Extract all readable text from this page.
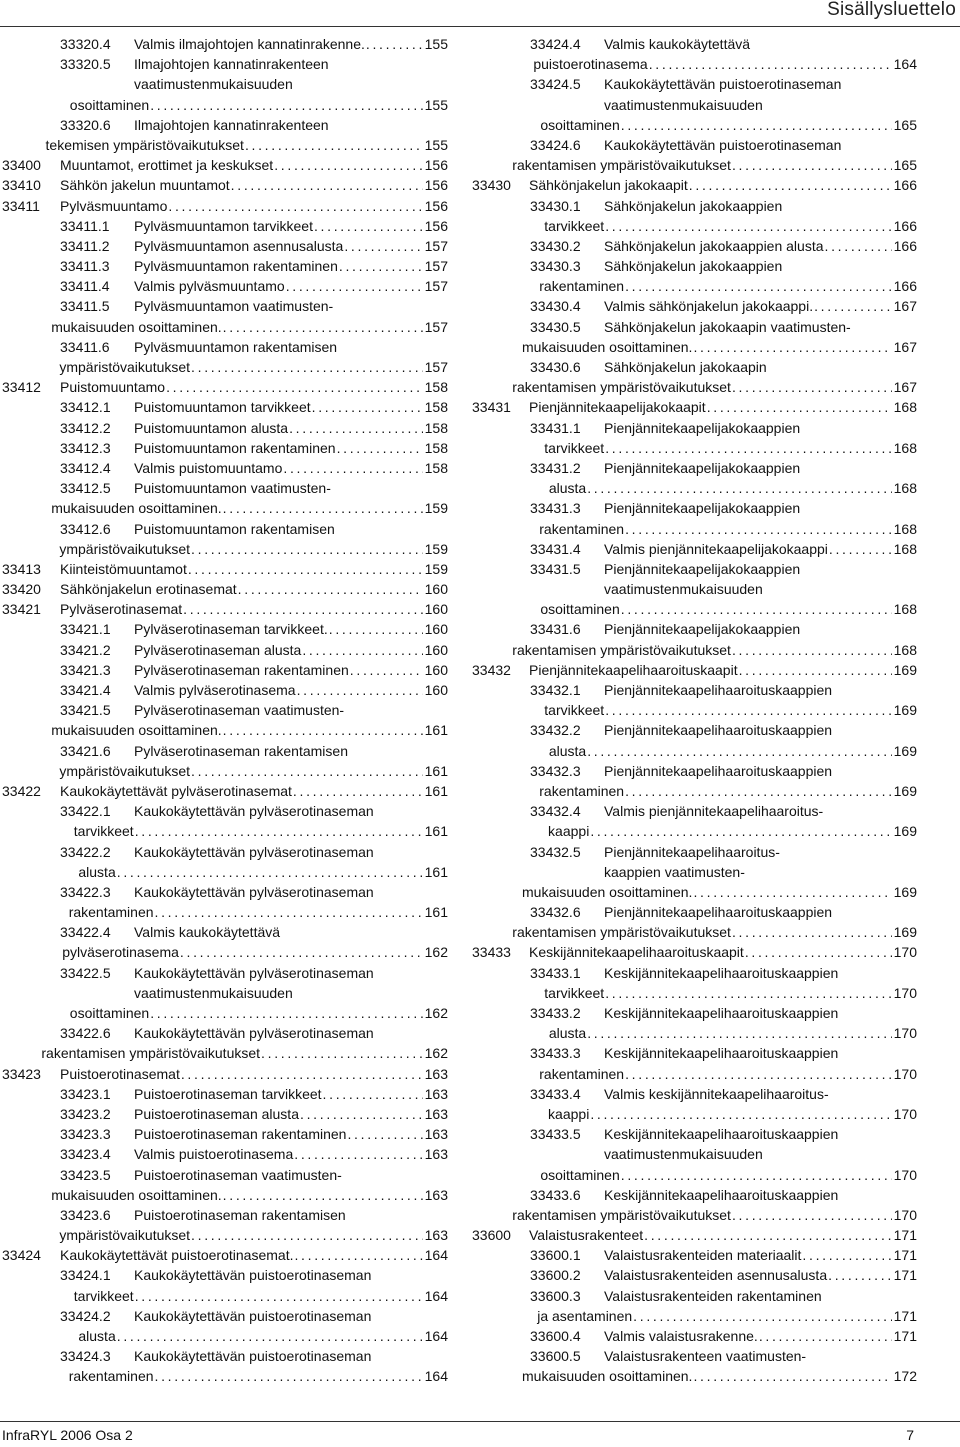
Sisällysluettelo
33320.4	Valmis ilmajohtojen kannatinrakenne. . . .	155
33320.5	Ilmajohtojen kannatinrakenteen
vaatimustenmukaisuuden
osoittaminen . . .	155
33320.6	Ilmajohtojen kannatinrakenteen
tekemisen ympäristövaikutukset . . .	155
33400	Muuntamot, erottimet ja keskukset . . .	156
33410	Sähkön jakelun muuntamot . . .	156
33411	Pylväsmuuntamo . . .	156
33411.1	Pylväsmuuntamon tarvikkeet . . .	156
33411.2	Pylväsmuuntamon asennusalusta . . .	157
33411.3	Pylväsmuuntamon rakentaminen . . .	157
33411.4	Valmis pylväsmuuntamo . . .	157
33411.5	Pylväsmuuntamon vaatimusten-
mukaisuuden osoittaminen. . . .	157
33411.6	Pylväsmuuntamon rakentamisen
ympäristövaikutukset . . .	157
33412	Puistomuuntamo . . .	158
33412.1	Puistomuuntamon tarvikkeet . . .	158
33412.2	Puistomuuntamon alusta . . .	158
33412.3	Puistomuuntamon rakentaminen . . .	158
33412.4	Valmis puistomuuntamo . . .	158
33412.5	Puistomuuntamon vaatimusten-
mukaisuuden osoittaminen. . . .	159
33412.6	Puistomuuntamon rakentamisen
ympäristövaikutukset . . .	159
33413	Kiinteistömuuntamot . . .	159
33420	Sähkönjakelun erotinasemat . . .	160
33421	Pylväserotinasemat . . .	160
33421.1	Pylväserotinaseman tarvikkeet. . . .	160
33421.2	Pylväserotinaseman alusta . . .	160
33421.3	Pylväserotinaseman rakentaminen . . .	160
33421.4	Valmis pylväserotinasema . . .	160
33421.5	Pylväserotinaseman vaatimusten-
mukaisuuden osoittaminen. . . .	161
33421.6	Pylväserotinaseman rakentamisen
ympäristövaikutukset . . .	161
33422	Kaukokäytettävät pylväserotinasemat . . .	161
33422.1	Kaukokäytettävän pylväserotinaseman
tarvikkeet . . .	161
33422.2	Kaukokäytettävän pylväserotinaseman
alusta . . .	161
33422.3	Kaukokäytettävän pylväserotinaseman
rakentaminen . . .	161
33422.4	Valmis kaukokäytettävä
pylväserotinasema . . .	162
33422.5	Kaukokäytettävän pylväserotinaseman
vaatimustenmukaisuuden
osoittaminen . . .	162
33422.6	Kaukokäytettävän pylväserotinaseman
rakentamisen ympäristövaikutukset . . .	162
33423	Puistoerotinasemat . . .	163
33423.1	Puistoerotinaseman tarvikkeet . . .	163
33423.2	Puistoerotinaseman alusta . . .	163
33423.3	Puistoerotinaseman rakentaminen . . .	163
33423.4	Valmis puistoerotinasema . . .	163
33423.5	Puistoerotinaseman vaatimusten-
mukaisuuden osoittaminen. . . .	163
33423.6	Puistoerotinaseman rakentamisen
ympäristövaikutukset . . .	163
33424	Kaukokäytettävät puistoerotinasemat. . . .	164
33424.1	Kaukokäytettävän puistoerotinaseman
tarvikkeet . . .	164
33424.2	Kaukokäytettävän puistoerotinaseman
alusta . . .	164
33424.3	Kaukokäytettävän puistoerotinaseman
rakentaminen . . .	164
33424.4	Valmis kaukokäytettävä
puistoerotinasema . . .	164
33424.5	Kaukokäytettävän puistoerotinaseman
vaatimustenmukaisuuden
osoittaminen . . .	165
33424.6	Kaukokäytettävän puistoerotinaseman
rakentamisen ympäristövaikutukset . . .	165
33430	Sähkönjakelun jakokaapit . . .	166
33430.1	Sähkönjakelun jakokaappien
tarvikkeet . . .	166
33430.2	Sähkönjakelun jakokaappien alusta . . .	166
33430.3	Sähkönjakelun jakokaappien
rakentaminen . . .	166
33430.4	Valmis sähkönjakelun jakokaappi. . . .	167
33430.5	Sähkönjakelun jakokaapin vaatimusten-
mukaisuuden osoittaminen. . . .	167
33430.6	Sähkönjakelun jakokaapin
rakentamisen ympäristövaikutukset . . .	167
33431	Pienjännitekaapelijakokaapit . . .	168
33431.1	Pienjännitekaapelijakokaappien
tarvikkeet . . .	168
33431.2	Pienjännitekaapelijakokaappien
alusta . . .	168
33431.3	Pienjännitekaapelijakokaappien
rakentaminen . . .	168
33431.4	Valmis pienjännitekaapelijakokaappi . . .	168
33431.5	Pienjännitekaapelijakokaappien
vaatimustenmukaisuuden
osoittaminen . . .	168
33431.6	Pienjännitekaapelijakokaappien
rakentamisen ympäristövaikutukset . . .	168
33432	Pienjännitekaapelihaaroituskaapit . . .	169
33432.1	Pienjännitekaapelihaaroituskaappien
tarvikkeet . . .	169
33432.2	Pienjännitekaapelihaaroituskaappien
alusta . . .	169
33432.3	Pienjännitekaapelihaaroituskaappien
rakentaminen . . .	169
33432.4	Valmis pienjännitekaapelihaaroitus-
kaappi . . .	169
33432.5	Pienjännitekaapelihaaroitus-
kaappien vaatimusten-
mukaisuuden osoittaminen. . . .	169
33432.6	Pienjännitekaapelihaaroituskaappien
rakentamisen ympäristövaikutukset . . .	169
33433	Keskijännitekaapelihaaroituskaapit . . .	170
33433.1	Keskijännitekaapelihaaroituskaappien
tarvikkeet . . .	170
33433.2	Keskijännitekaapelihaaroituskaappien
alusta . . .	170
33433.3	Keskijännitekaapelihaaroituskaappien
rakentaminen . . .	170
33433.4	Valmis keskijännitekaapelihaaroitus-
kaappi . . .	170
33433.5	Keskijännitekaapelihaaroituskaappien
vaatimustenmukaisuuden
osoittaminen . . .	170
33433.6	Keskijännitekaapelihaaroituskaappien
rakentamisen ympäristövaikutukset . . .	170
33600	Valaistusrakenteet . . .	171
33600.1	Valaistusrakenteiden materiaalit . . .	171
33600.2	Valaistusrakenteiden asennusalusta . . .	171
33600.3	Valaistusrakenteiden rakentaminen
ja asentaminen . . .	171
33600.4	Valmis valaistusrakenne. . . .	171
33600.5	Valaistusrakenteen vaatimusten-
mukaisuuden osoittaminen. . . .	172
InfraRYL 2006 Osa 2	7
